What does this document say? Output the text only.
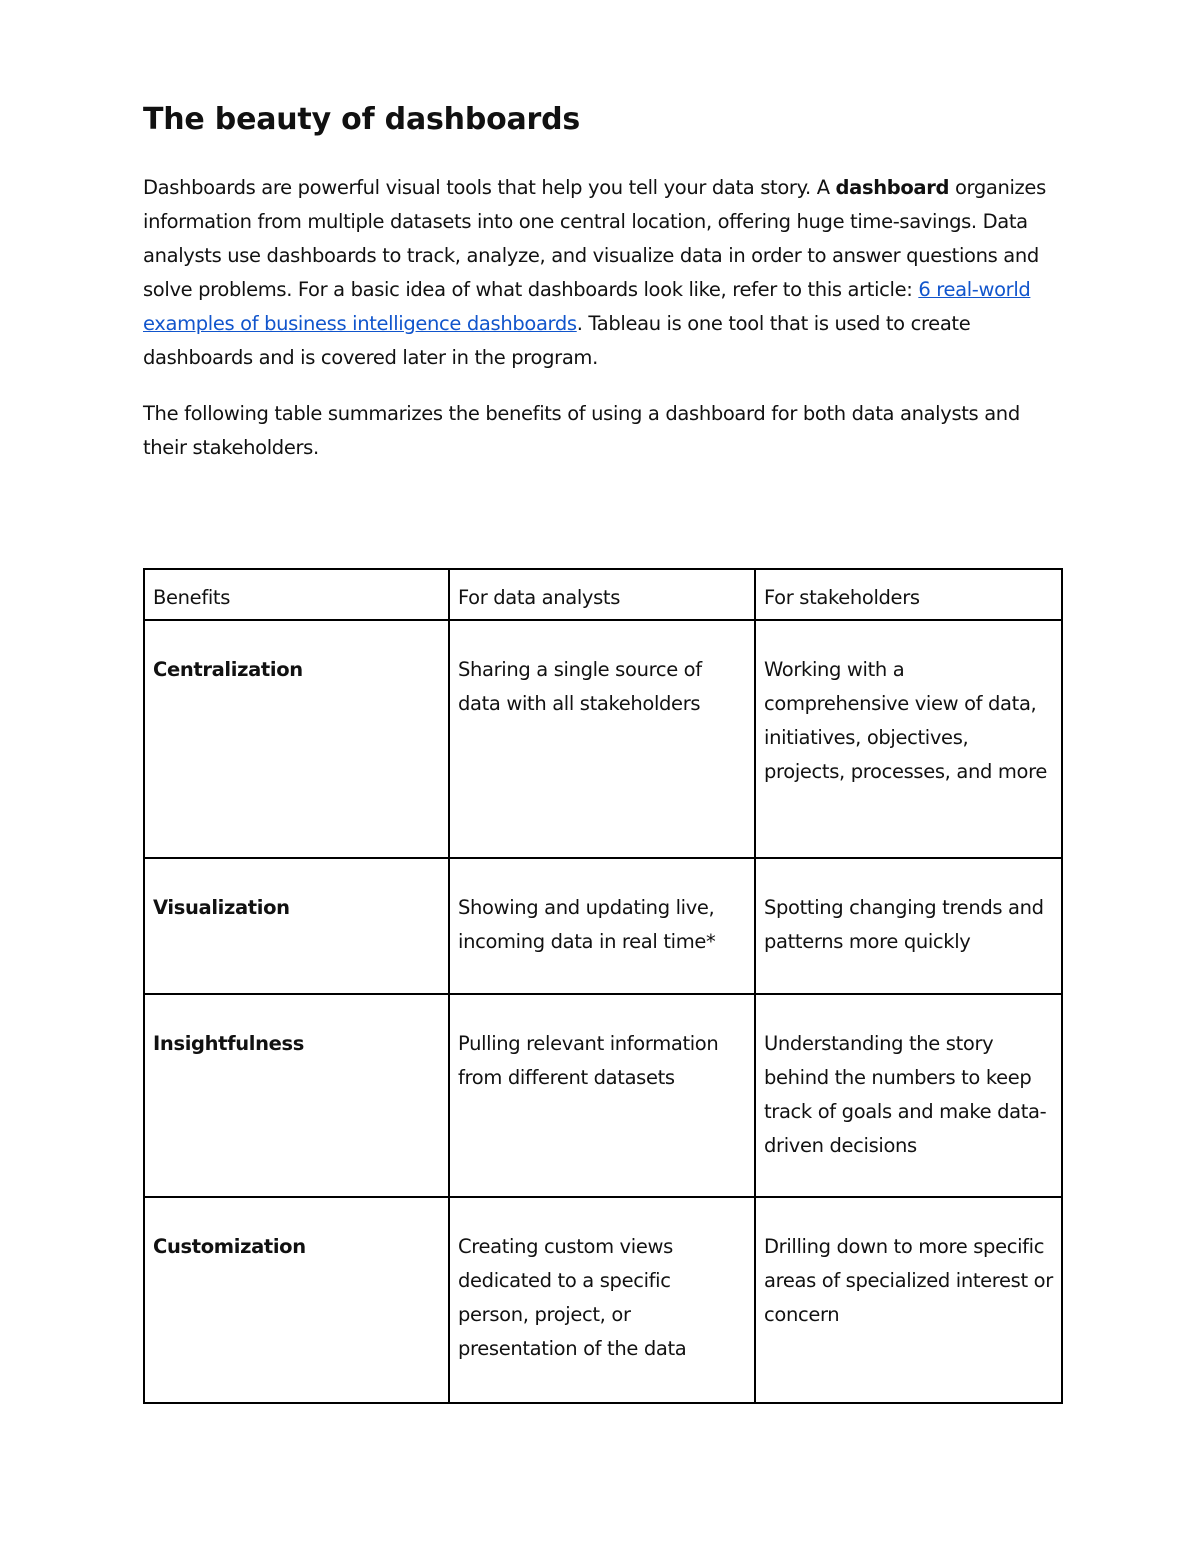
The beauty of dashboards

Dashboards are powerful visual tools that help you tell your data story. A dashboard organizes information from multiple datasets into one central location, offering huge time-savings. Data analysts use dashboards to track, analyze, and visualize data in order to answer questions and solve problems. For a basic idea of what dashboards look like, refer to this article: 6 real-world examples of business intelligence dashboards. Tableau is one tool that is used to create dashboards and is covered later in the program.

The following table summarizes the benefits of using a dashboard for both data analysts and their stakeholders.

Benefits	For data analysts	For stakeholders
Centralization	Sharing a single source of data with all stakeholders	Working with a comprehensive view of data, initiatives, objectives, projects, processes, and more
Visualization	Showing and updating live, incoming data in real time*	Spotting changing trends and patterns more quickly
Insightfulness	Pulling relevant information from different datasets	Understanding the story behind the numbers to keep track of goals and make data-driven decisions
Customization	Creating custom views dedicated to a specific person, project, or presentation of the data	Drilling down to more specific areas of specialized interest or concern
